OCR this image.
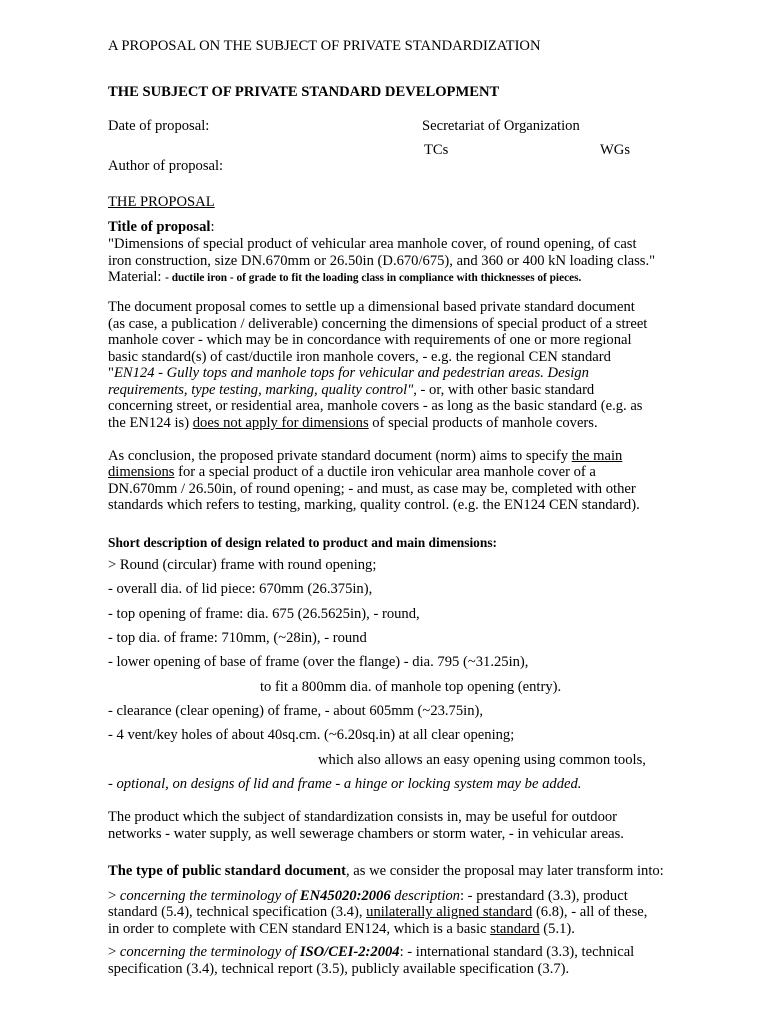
A PROPOSAL ON THE SUBJECT OF PRIVATE STANDARDIZATION
THE SUBJECT OF PRIVATE STANDARD DEVELOPMENT
Date of proposal:	Secretariat of Organization
TCs	WGs
Author of proposal:
THE PROPOSAL
Title of proposal:
"Dimensions of special product of vehicular area manhole cover, of round opening, of cast
iron construction, size DN.670mm or 26.50in (D.670/675), and 360 or 400 kN loading class."
Material: - ductile iron - of grade to fit the loading class in compliance with thicknesses of pieces.
The document proposal comes to settle up a dimensional based private standard document
(as case, a publication / deliverable) concerning the dimensions of special product of a street
manhole cover - which may be in concordance with requirements of one or more regional
basic standard(s) of cast/ductile iron manhole covers, - e.g. the regional CEN standard
"EN124 - Gully tops and manhole tops for vehicular and pedestrian areas. Design
requirements, type testing, marking, quality control", - or, with other basic standard
concerning street, or residential area, manhole covers - as long as the basic standard (e.g. as
the EN124 is) does not apply for dimensions of special products of manhole covers.
As conclusion, the proposed private standard document (norm) aims to specify the main
dimensions for a special product of a ductile iron vehicular area manhole cover of a
DN.670mm / 26.50in, of round opening; - and must, as case may be, completed with other
standards which refers to testing, marking, quality control. (e.g. the EN124 CEN standard).
Short description of design related to product and main dimensions:
> Round (circular) frame with round opening;
- overall dia. of lid piece: 670mm (26.375in),
- top opening of frame: dia. 675 (26.5625in), - round,
- top dia. of frame: 710mm, (~28in), - round
- lower opening of base of frame (over the flange) - dia. 795 (~31.25in),
to fit a 800mm dia. of manhole top opening (entry).
- clearance (clear opening) of frame, - about 605mm (~23.75in),
- 4 vent/key holes of about 40sq.cm. (~6.20sq.in) at all clear opening;
which also allows an easy opening using common tools,
- optional, on designs of lid and frame - a hinge or locking system may be added.
The product which the subject of standardization consists in, may be useful for outdoor
networks - water supply, as well sewerage chambers or storm water, - in vehicular areas.
The type of public standard document, as we consider the proposal may later transform into:
> concerning the terminology of EN45020:2006 description: - prestandard (3.3), product
standard (5.4), technical specification (3.4), unilaterally aligned standard (6.8), - all of these,
in order to complete with CEN standard EN124, which is a basic standard (5.1).
> concerning the terminology of ISO/CEI-2:2004: - international standard (3.3), technical
specification (3.4), technical report (3.5), publicly available specification (3.7).
